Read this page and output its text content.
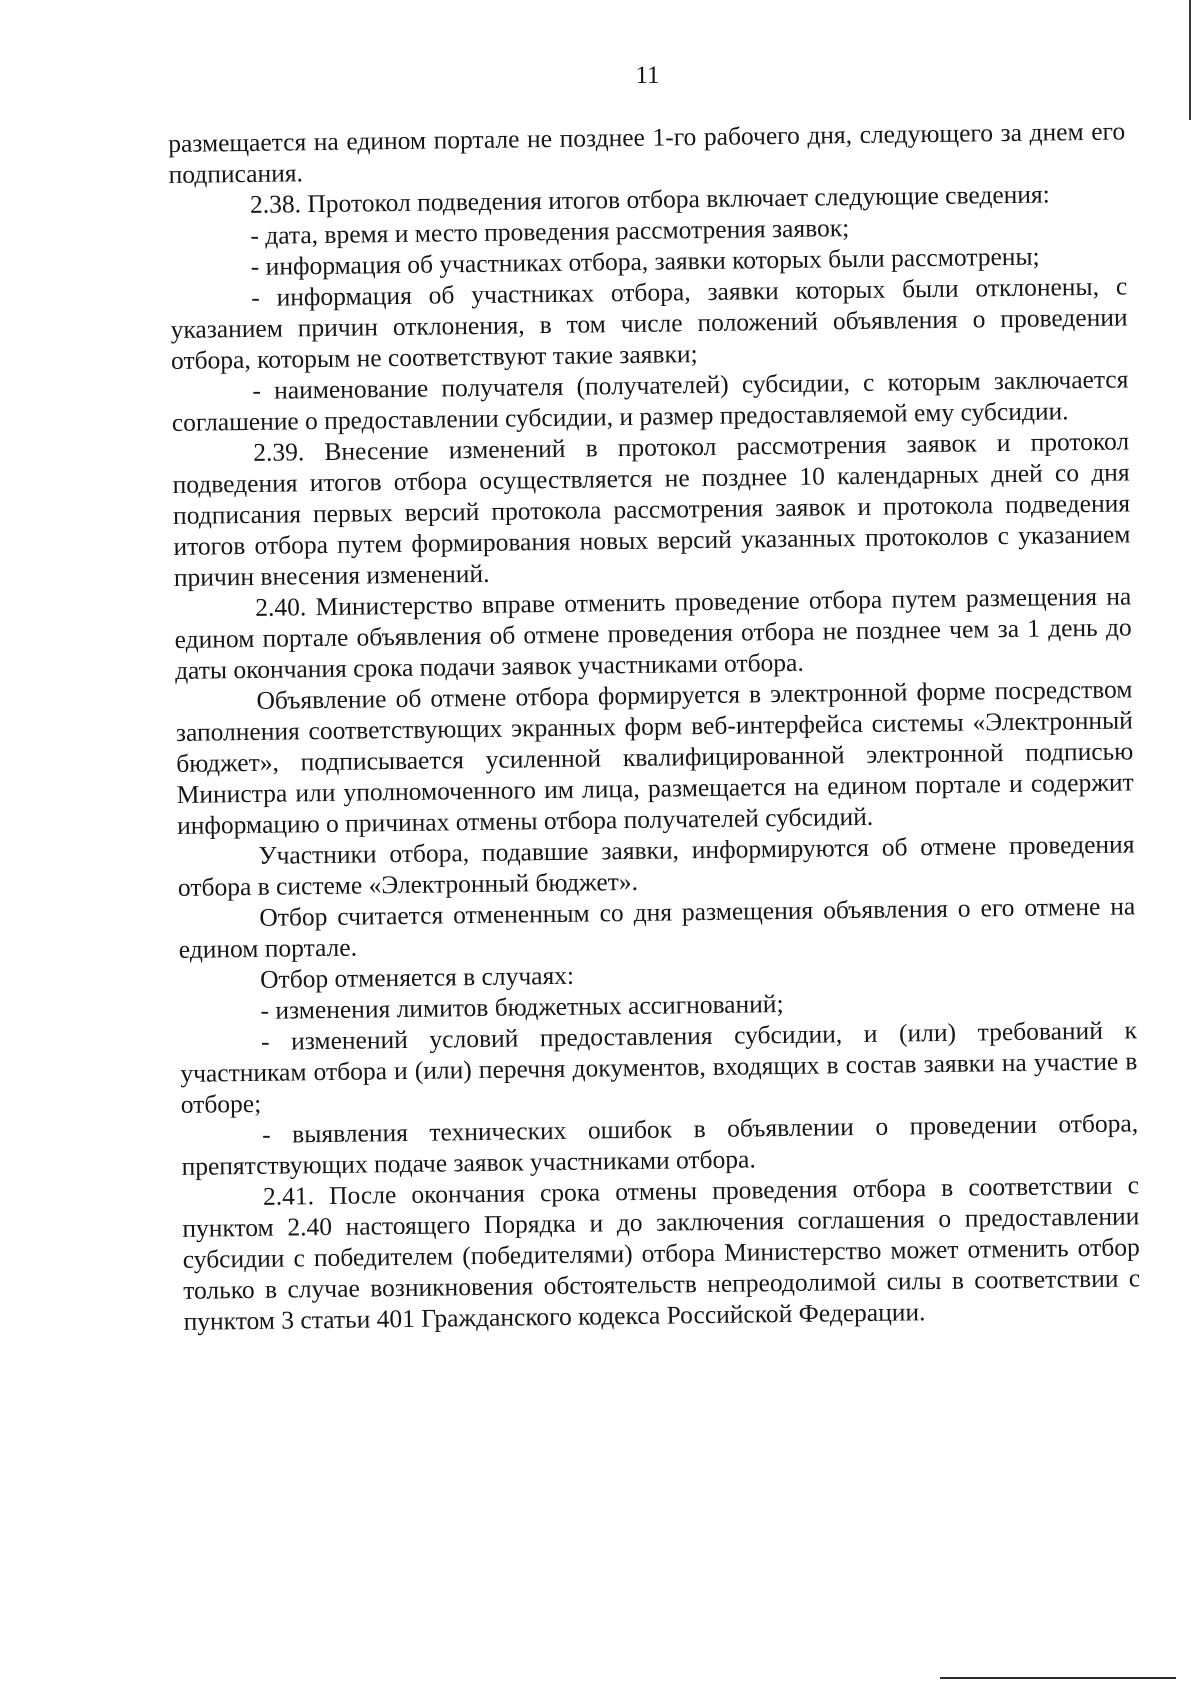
11

размещается на едином портале не позднее 1-го рабочего дня, следующего за днем его подписания.

2.38. Протокол подведения итогов отбора включает следующие сведения:

- дата, время и место проведения рассмотрения заявок;

- информация об участниках отбора, заявки которых были рассмотрены;

- информация об участниках отбора, заявки которых были отклонены, с указанием причин отклонения, в том числе положений объявления о проведении отбора, которым не соответствуют такие заявки;

- наименование получателя (получателей) субсидии, с которым заключается соглашение о предоставлении субсидии, и размер предоставляемой ему субсидии.

2.39. Внесение изменений в протокол рассмотрения заявок и протокол подведения итогов отбора осуществляется не позднее 10 календарных дней со дня подписания первых версий протокола рассмотрения заявок и протокола подведения итогов отбора путем формирования новых версий указанных протоколов с указанием причин внесения изменений.

2.40. Министерство вправе отменить проведение отбора путем размещения на едином портале объявления об отмене проведения отбора не позднее чем за 1 день до даты окончания срока подачи заявок участниками отбора.

Объявление об отмене отбора формируется в электронной форме посредством заполнения соответствующих экранных форм веб-интерфейса системы «Электронный бюджет», подписывается усиленной квалифицированной электронной подписью Министра или уполномоченного им лица, размещается на едином портале и содержит информацию о причинах отмены отбора получателей субсидий.

Участники отбора, подавшие заявки, информируются об отмене проведения отбора в системе «Электронный бюджет».

Отбор считается отмененным со дня размещения объявления о его отмене на едином портале.

Отбор отменяется в случаях:

- изменения лимитов бюджетных ассигнований;

- изменений условий предоставления субсидии, и (или) требований к участникам отбора и (или) перечня документов, входящих в состав заявки на участие в отборе;

- выявления технических ошибок в объявлении о проведении отбора, препятствующих подаче заявок участниками отбора.

2.41. После окончания срока отмены проведения отбора в соответствии с пунктом 2.40 настоящего Порядка и до заключения соглашения о предоставлении субсидии с победителем (победителями) отбора Министерство может отменить отбор только в случае возникновения обстоятельств непреодолимой силы в соответствии с пунктом 3 статьи 401 Гражданского кодекса Российской Федерации.
